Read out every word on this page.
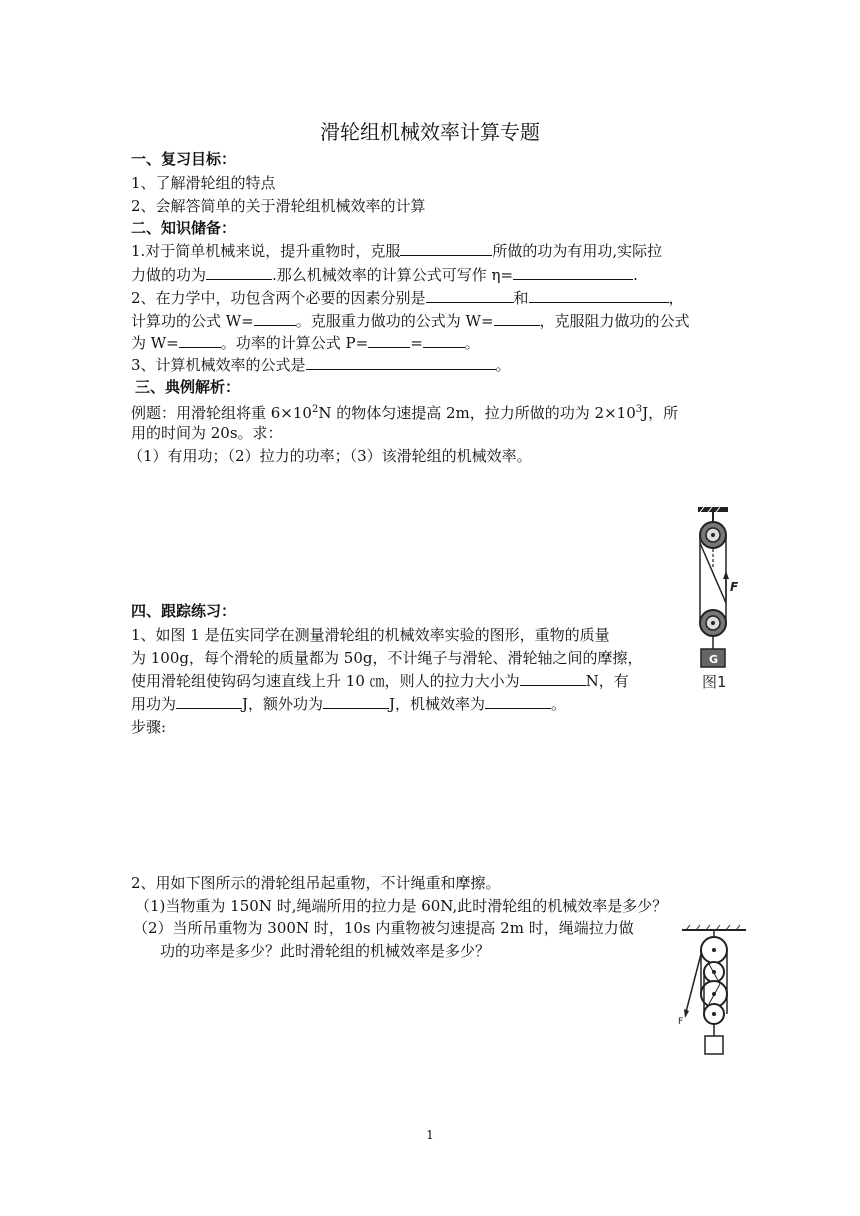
滑轮组机械效率计算专题
一、复习目标：
1、了解滑轮组的特点
2、会解答简单的关于滑轮组机械效率的计算
二、知识储备：
1.对于简单机械来说，提升重物时，克服	所做的功为有用功,实际拉
力做的功为	.那么机械效率的计算公式可写作 η=	.
2、在力学中，功包含两个必要的因素分别是	和	，
计算功的公式 W=	。克服重力做功的公式为 W=	，克服阻力做功的公式
为 W=	。功率的计算公式 P=	=	。
3、计算机械效率的公式是	。
三、典例解析：
例题：用滑轮组将重 $6\times 10^2N$ 的物体匀速提高 2m，拉力所做的功为 $2\times 10^3J$，所
用的时间为 20s。求：
（1）有用功；（2）拉力的功率；（3）该滑轮组的机械效率。
F
G
图1
四、跟踪练习：
1、如图 1 是伍实同学在测量滑轮组的机械效率实验的图形，重物的质量
为 100g，每个滑轮的质量都为 50g，不计绳子与滑轮、滑轮轴之间的摩擦，
使用滑轮组使钩码匀速直线上升 10 ㎝，则人的拉力大小为	N，有
用功为	J，额外功为	J，机械效率为	。
步骤:
2、用如下图所示的滑轮组吊起重物，不计绳重和摩擦。
（1)当物重为 150N 时,绳端所用的拉力是 60N,此时滑轮组的机械效率是多少？
（2）当所吊重物为 300N 时，10s 内重物被匀速提高 2m 时，绳端拉力做
功的功率是多少？此时滑轮组的机械效率是多少？
F
1
